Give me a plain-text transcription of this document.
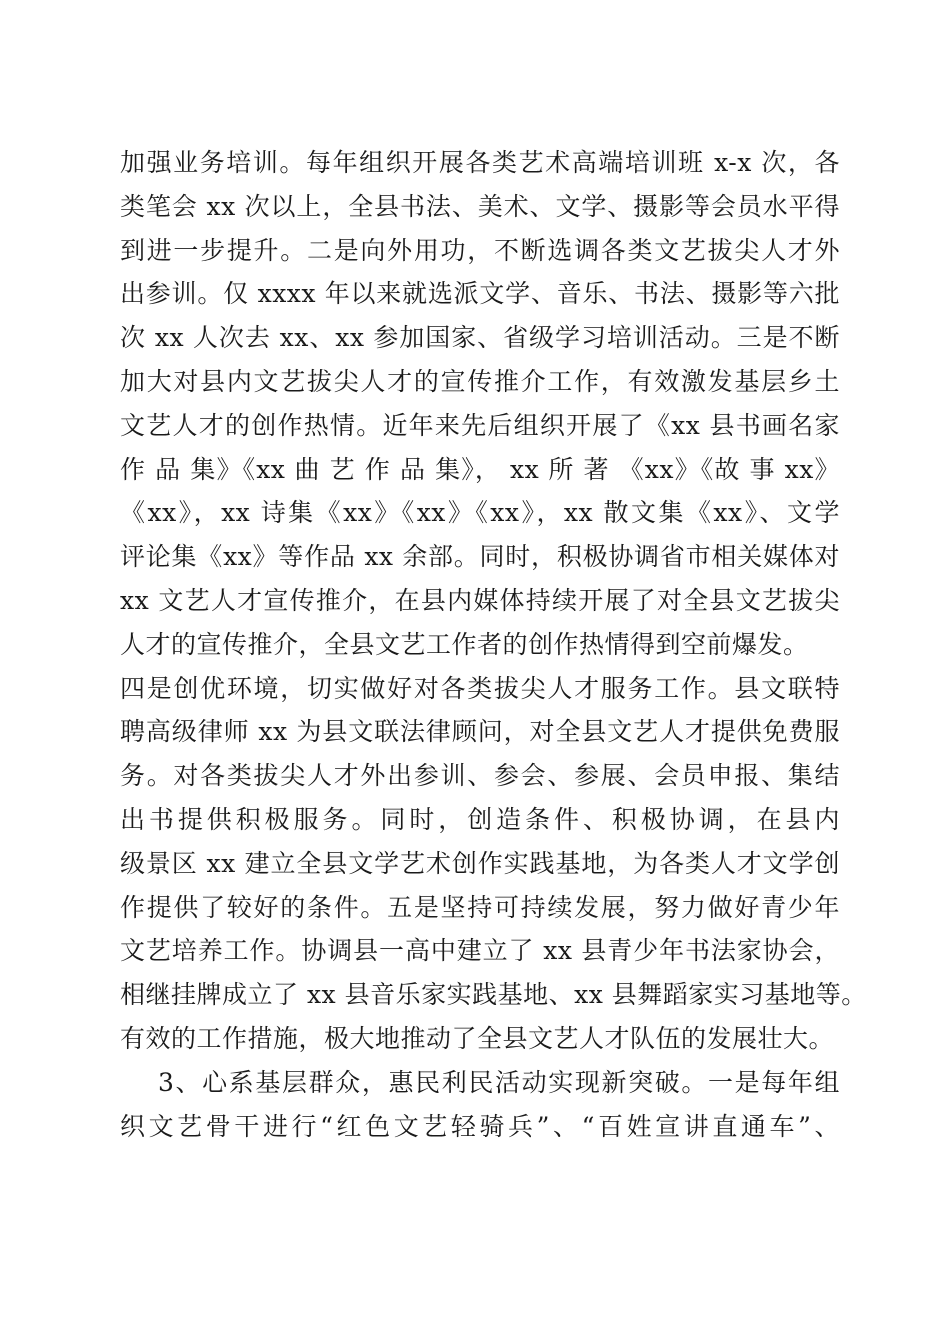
加强业务培训。每年组织开展各类艺术高端培训班 x-x 次，各
类笔会 xx 次以上，全县书法、美术、文学、摄影等会员水平得
到进一步提升。二是向外用功，不断选调各类文艺拔尖人才外
出参训。仅 xxxx 年以来就选派文学、音乐、书法、摄影等六批
次 xx 人次去 xx、xx 参加国家、省级学习培训活动。三是不断
加大对县内文艺拔尖人才的宣传推介工作，有效激发基层乡土
文艺人才的创作热情。近年来先后组织开展了《xx 县书画名家
作 品 集》《xx 曲 艺 作 品 集》， xx 所 著 《xx》《故 事 xx》
《xx》，xx 诗集《xx》《xx》《xx》，xx 散文集《xx》、文学
评论集《xx》等作品 xx 余部。同时，积极协调省市相关媒体对
xx 文艺人才宣传推介，在县内媒体持续开展了对全县文艺拔尖
人才的宣传推介，全县文艺工作者的创作热情得到空前爆发。
四是创优环境，切实做好对各类拔尖人才服务工作。县文联特
聘高级律师 xx 为县文联法律顾问，对全县文艺人才提供免费服
务。对各类拔尖人才外出参训、参会、参展、会员申报、集结
出书提供积极服务。同时，创造条件、积极协调，在县内
级景区 xx 建立全县文学艺术创作实践基地，为各类人才文学创
作提供了较好的条件。五是坚持可持续发展，努力做好青少年
文艺培养工作。协调县一高中建立了 xx 县青少年书法家协会，
相继挂牌成立了 xx 县音乐家实践基地、xx 县舞蹈家实习基地等。
有效的工作措施，极大地推动了全县文艺人才队伍的发展壮大。
3、心系基层群众，惠民利民活动实现新突破。一是每年组
织文艺骨干进行“红色文艺轻骑兵”、“百姓宣讲直通车”、
